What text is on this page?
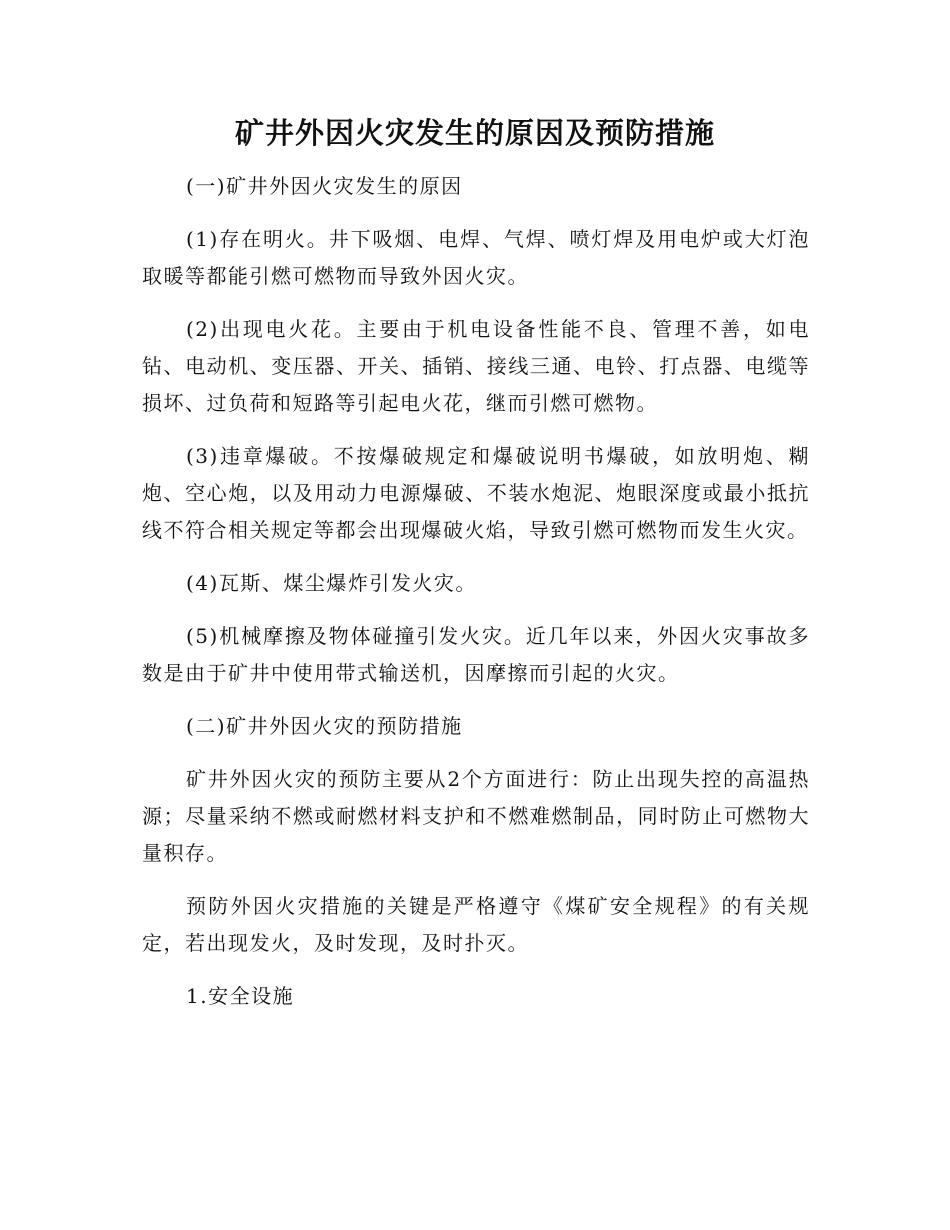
矿井外因火灾发生的原因及预防措施

(一)矿井外因火灾发生的原因

(1)存在明火。井下吸烟、电焊、气焊、喷灯焊及用电炉或大灯泡取暖等都能引燃可燃物而导致外因火灾。

(2)出现电火花。主要由于机电设备性能不良、管理不善，如电钻、电动机、变压器、开关、插销、接线三通、电铃、打点器、电缆等损坏、过负荷和短路等引起电火花，继而引燃可燃物。

(3)违章爆破。不按爆破规定和爆破说明书爆破，如放明炮、糊炮、空心炮，以及用动力电源爆破、不装水炮泥、炮眼深度或最小抵抗线不符合相关规定等都会出现爆破火焰，导致引燃可燃物而发生火灾。

(4)瓦斯、煤尘爆炸引发火灾。

(5)机械摩擦及物体碰撞引发火灾。近几年以来，外因火灾事故多数是由于矿井中使用带式输送机，因摩擦而引起的火灾。

(二)矿井外因火灾的预防措施

矿井外因火灾的预防主要从2个方面进行：防止出现失控的高温热源；尽量采纳不燃或耐燃材料支护和不燃难燃制品，同时防止可燃物大量积存。

预防外因火灾措施的关键是严格遵守《煤矿安全规程》的有关规定，若出现发火，及时发现，及时扑灭。

1.安全设施
